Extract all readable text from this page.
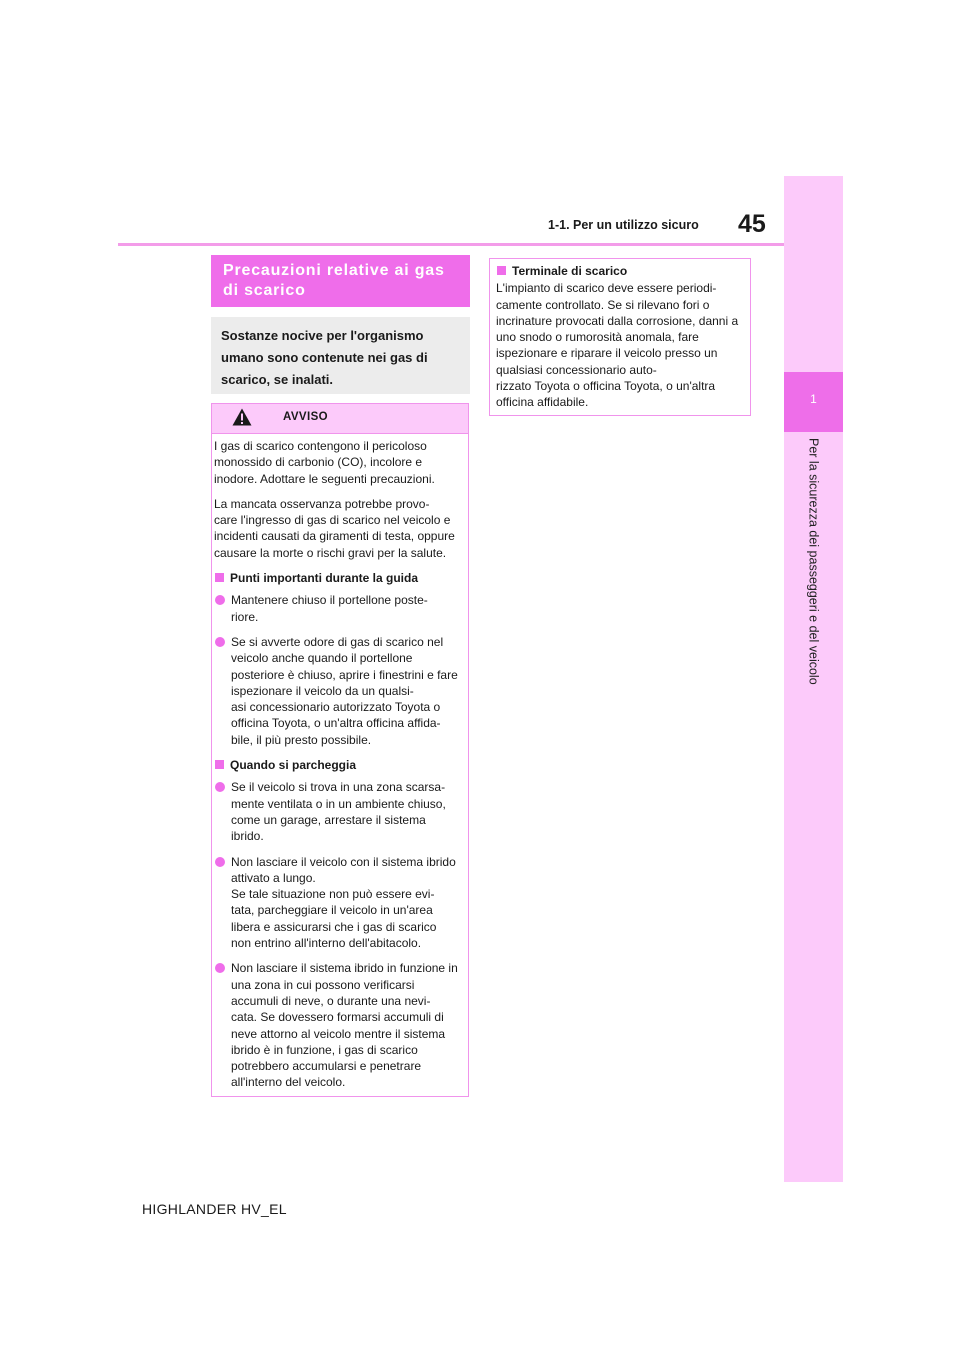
45
1-1. Per un utilizzo sicuro
1
Per la sicurezza dei passeggeri e del veicolo
Precauzioni relative ai gas di scarico
Sostanze nocive per l'organismo umano sono contenute nei gas di scarico, se inalati.
AVVISO

I gas di scarico contengono il pericoloso monossido di carbonio (CO), incolore e inodore. Adottare le seguenti precauzioni.

La mancata osservanza potrebbe provo-
care l'ingresso di gas di scarico nel veicolo e incidenti causati da giramenti di testa, oppure causare la morte o rischi gravi per la salute.

Punti importanti durante la guida
Mantenere chiuso il portellone poste-
riore.
Se si avverte odore di gas di scarico nel veicolo anche quando il portellone posteriore è chiuso, aprire i finestrini e fare ispezionare il veicolo da un qualsi-
asi concessionario autorizzato Toyota o officina Toyota, o un'altra officina affida-
bile, il più presto possibile.
Quando si parcheggia
Se il veicolo si trova in una zona scarsa-
mente ventilata o in un ambiente chiuso, come un garage, arrestare il sistema ibrido.
Non lasciare il veicolo con il sistema ibrido attivato a lungo.
Se tale situazione non può essere evi-
tata, parcheggiare il veicolo in un'area libera e assicurarsi che i gas di scarico non entrino all'interno dell'abitacolo.
Non lasciare il sistema ibrido in funzione in una zona in cui possono verificarsi accumuli di neve, o durante una nevi-
cata. Se dovessero formarsi accumuli di neve attorno al veicolo mentre il sistema ibrido è in funzione, i gas di scarico potrebbero accumularsi e penetrare all'interno del veicolo.
Terminale di scarico
L'impianto di scarico deve essere periodi-
camente controllato. Se si rilevano fori o incrinature provocati dalla corrosione, danni a uno snodo o rumorosità anomala, fare ispezionare e riparare il veicolo presso un qualsiasi concessionario auto-
rizzato Toyota o officina Toyota, o un'altra officina affidabile.
HIGHLANDER HV_EL
